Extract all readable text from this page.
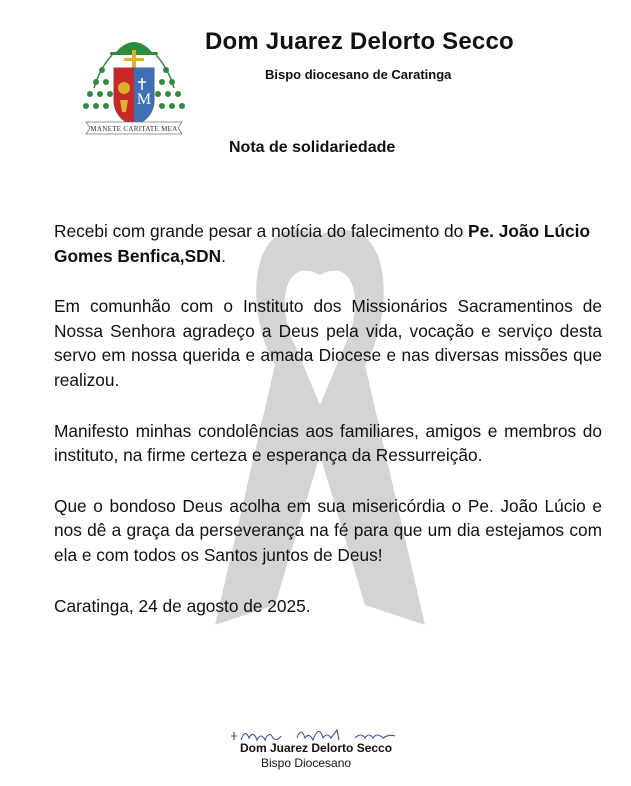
M
MANETE CARITATE MEA
Dom Juarez Delorto Secco
Bispo diocesano de Caratinga
Nota de solidariedade

Recebi com grande pesar a notícia do falecimento do Pe. João Lúcio Gomes Benfica,SDN.

Em comunhão com o Instituto dos Missionários Sacramentinos de Nossa Senhora agradeço a Deus pela vida, vocação e serviço desta servo em nossa querida e amada Diocese e nas diversas missões que realizou.

Manifesto minhas condolências aos familiares, amigos e membros do instituto, na firme certeza e esperança da Ressurreição.

Que o bondoso Deus acolha em sua misericórdia o Pe. João Lúcio e nos dê a graça da perseverança na fé para que um dia estejamos com ela e com todos os Santos juntos de Deus!

Caratinga, 24 de agosto de 2025.

Dom Juarez Delorto Secco
Bispo Diocesano
